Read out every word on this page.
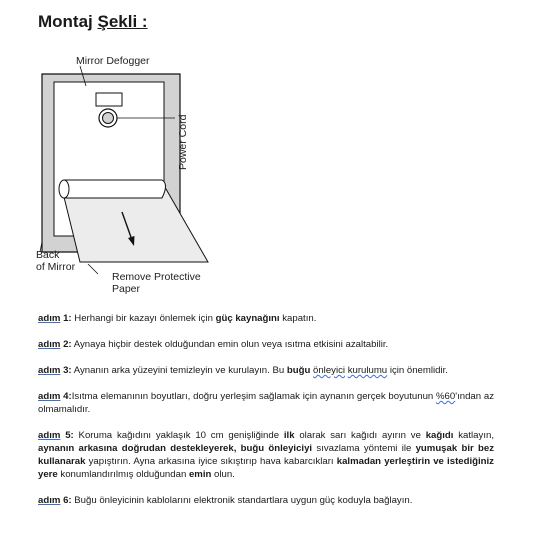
Montaj Şekli :
Mirror Defogger
Power Cord
Back
of Mirror
Remove Protective
Paper

adım 1: Herhangi bir kazayı önlemek için güç kaynağını kapatın.

adım 2: Aynaya hiçbir destek olduğundan emin olun veya ısıtma etkisini azaltabilir.

adım 3: Aynanın arka yüzeyini temizleyin ve kurulayın. Bu buğu önleyici kurulumu için önemlidir.

adım 4:Isıtma elemanının boyutları, doğru yerleşim sağlamak için aynanın gerçek boyutunun %60'ından az olmamalıdır.

adım 5: Koruma kağıdını yaklaşık 10 cm genişliğinde ilk olarak sarı kağıdı ayırın ve kağıdı katlayın, aynanın arkasına doğrudan destekleyerek, buğu önleyiciyi sıvazlama yöntemi ile yumuşak bir bez kullanarak yapıştırın. Ayna arkasına iyice sıkıştırıp hava kabarcıkları kalmadan yerleştirin ve istediğiniz yere konumlandırılmış olduğundan emin olun.

adım 6: Buğu önleyicinin kablolarını elektronik standartlara uygun güç koduyla bağlayın.
